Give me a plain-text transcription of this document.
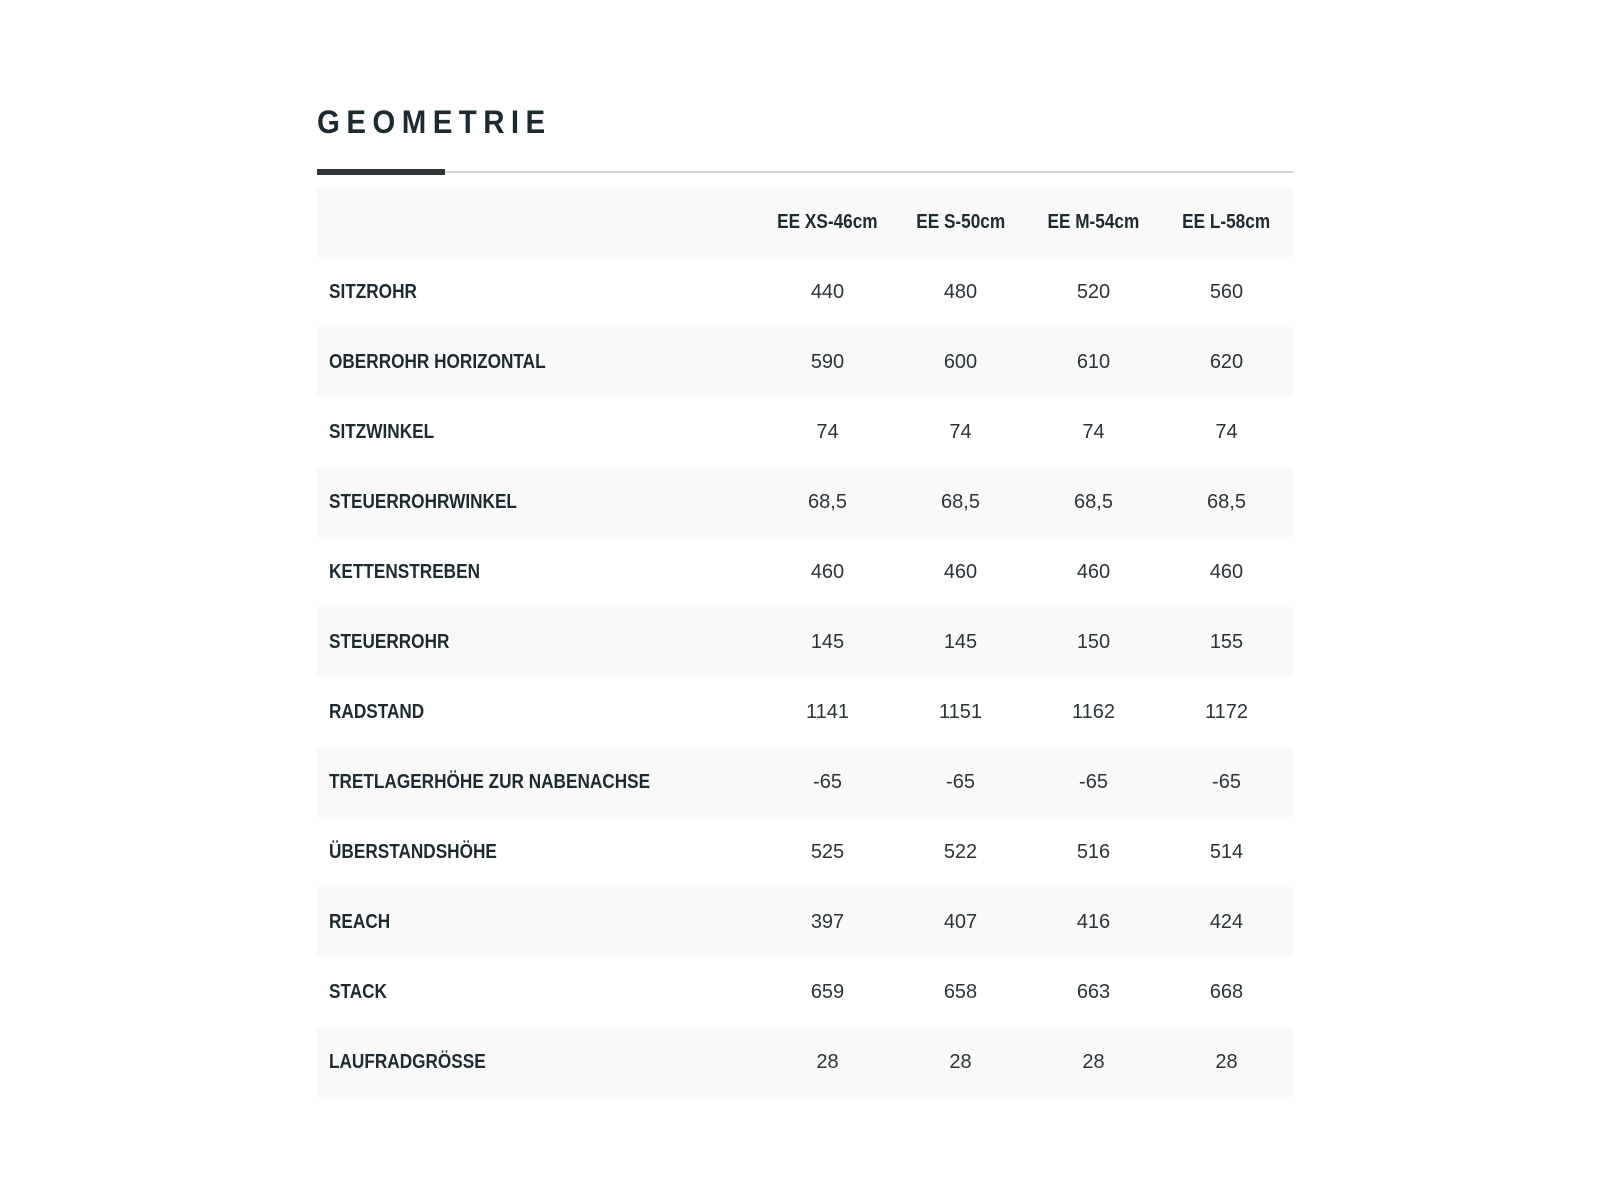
GEOMETRIE
	EE XS-46cm	EE S-50cm	EE M-54cm	EE L-58cm
SITZROHR	440	480	520	560
OBERROHR HORIZONTAL	590	600	610	620
SITZWINKEL	74	74	74	74
STEUERROHRWINKEL	68,5	68,5	68,5	68,5
KETTENSTREBEN	460	460	460	460
STEUERROHR	145	145	150	155
RADSTAND	1141	1151	1162	1172
TRETLAGERHÖHE ZUR NABENACHSE	-65	-65	-65	-65
ÜBERSTANDSHÖHE	525	522	516	514
REACH	397	407	416	424
STACK	659	658	663	668
LAUFRADGRÖSSE	28	28	28	28
